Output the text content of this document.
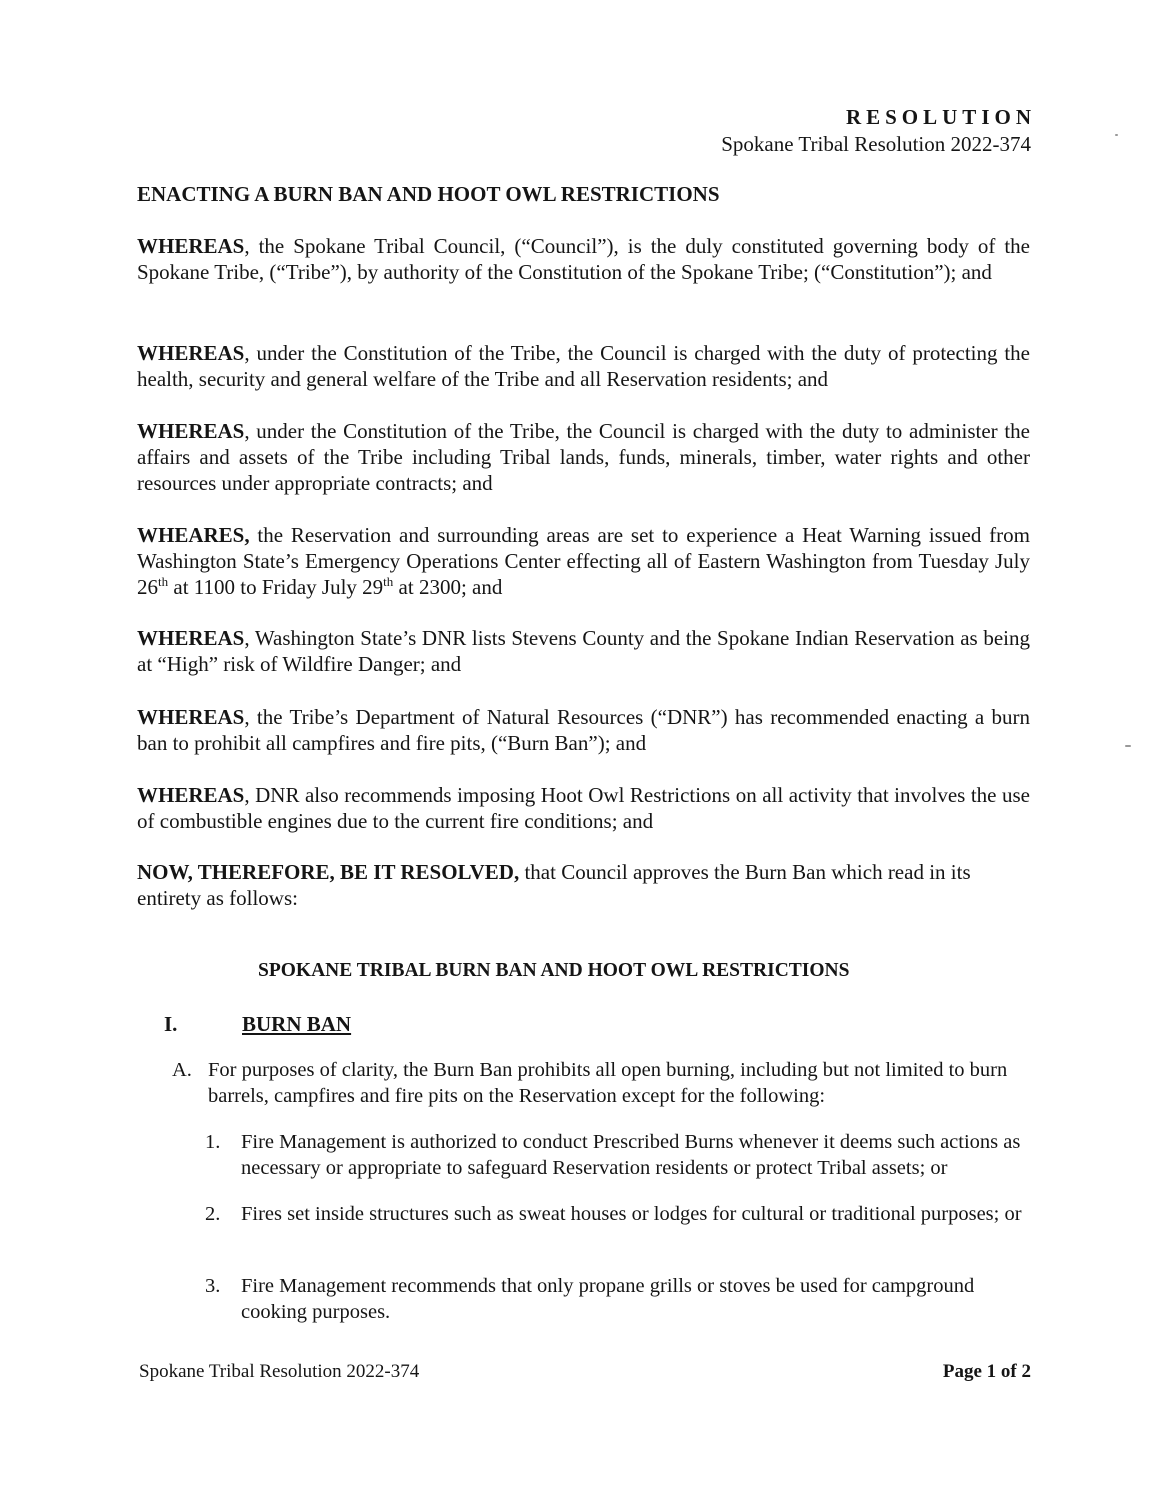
RESOLUTION
Spokane Tribal Resolution 2022-374
ENACTING A BURN BAN AND HOOT OWL RESTRICTIONS

WHEREAS, the Spokane Tribal Council, (“Council”), is the duly constituted governing body of the Spokane Tribe, (“Tribe”), by authority of the Constitution of the Spokane Tribe; (“Constitution”); and

WHEREAS, under the Constitution of the Tribe, the Council is charged with the duty of protecting the health, security and general welfare of the Tribe and all Reservation residents; and

WHEREAS, under the Constitution of the Tribe, the Council is charged with the duty to administer the affairs and assets of the Tribe including Tribal lands, funds, minerals, timber, water rights and other resources under appropriate contracts; and

WHEARES, the Reservation and surrounding areas are set to experience a Heat Warning issued from Washington State’s Emergency Operations Center effecting all of Eastern Washington from Tuesday July 26th at 1100 to Friday July 29th at 2300; and

WHEREAS, Washington State’s DNR lists Stevens County and the Spokane Indian Reservation as being at “High” risk of Wildfire Danger; and

WHEREAS, the Tribe’s Department of Natural Resources (“DNR”) has recommended enacting a burn ban to prohibit all campfires and fire pits, (“Burn Ban”); and

WHEREAS, DNR also recommends imposing Hoot Owl Restrictions on all activity that involves the use of combustible engines due to the current fire conditions; and

NOW, THEREFORE, BE IT RESOLVED, that Council approves the Burn Ban which read in its entirety as follows:

SPOKANE TRIBAL BURN BAN AND HOOT OWL RESTRICTIONS
I.	BURN BAN
A. For purposes of clarity, the Burn Ban prohibits all open burning, including but not limited to burn barrels, campfires and fire pits on the Reservation except for the following:
1. Fire Management is authorized to conduct Prescribed Burns whenever it deems such actions as necessary or appropriate to safeguard Reservation residents or protect Tribal assets; or
2. Fires set inside structures such as sweat houses or lodges for cultural or traditional purposes; or
3. Fire Management recommends that only propane grills or stoves be used for campground cooking purposes.
Spokane Tribal Resolution 2022-374	Page 1 of 2
